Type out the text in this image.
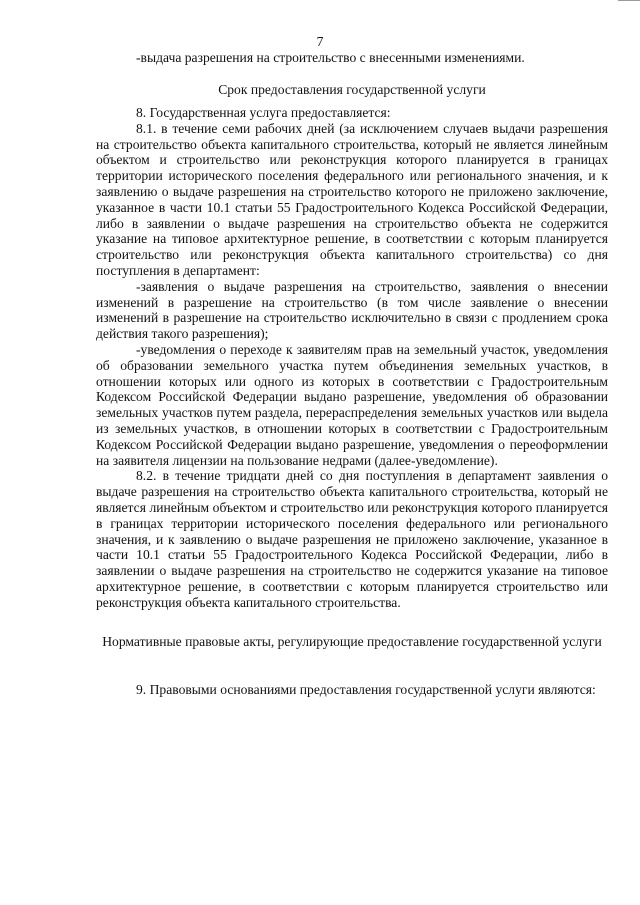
7

-выдача разрешения на строительство с внесенными изменениями.

Срок предоставления государственной услуги

8. Государственная услуга предоставляется:

8.1. в течение семи рабочих дней (за исключением случаев выдачи разрешения на строительство объекта капитального строительства, который не является линейным объектом и строительство или реконструкция которого планируется в границах территории исторического поселения федерального или регионального значения, и к заявлению о выдаче разрешения на строительство которого не приложено заключение, указанное в части 10.1 статьи 55 Градостроительного Кодекса Российской Федерации, либо в заявлении о выдаче разрешения на строительство объекта не содержится указание на типовое архитектурное решение, в соответствии с которым планируется строительство или реконструкция объекта капитального строительства) со дня поступления в департамент:

-заявления о выдаче разрешения на строительство, заявления о внесении изменений в разрешение на строительство (в том числе заявление о внесении изменений в разрешение на строительство исключительно в связи с продлением срока действия такого разрешения);

-уведомления о переходе к заявителям прав на земельный участок, уведомления об образовании земельного участка путем объединения земельных участков, в отношении которых или одного из которых в соответствии с Градостроительным Кодексом Российской Федерации выдано разрешение, уведомления об образовании земельных участков путем раздела, перераспределения земельных участков или выдела из земельных участков, в отношении которых в соответствии с Градостроительным Кодексом Российской Федерации выдано разрешение, уведомления о переоформлении на заявителя лицензии на пользование недрами (далее-уведомление).

8.2. в течение тридцати дней со дня поступления в департамент заявления о выдаче разрешения на строительство объекта капитального строительства, который не является линейным объектом и строительство или реконструкция которого планируется в границах территории исторического поселения федерального или регионального значения, и к заявлению о выдаче разрешения не приложено заключение, указанное в части 10.1 статьи 55 Градостроительного Кодекса Российской Федерации, либо в заявлении о выдаче разрешения на строительство не содержится указание на типовое архитектурное решение, в соответствии с которым планируется строительство или реконструкция объекта капитального строительства.

Нормативные правовые акты, регулирующие предоставление государственной услуги

9. Правовыми основаниями предоставления государственной услуги являются:
